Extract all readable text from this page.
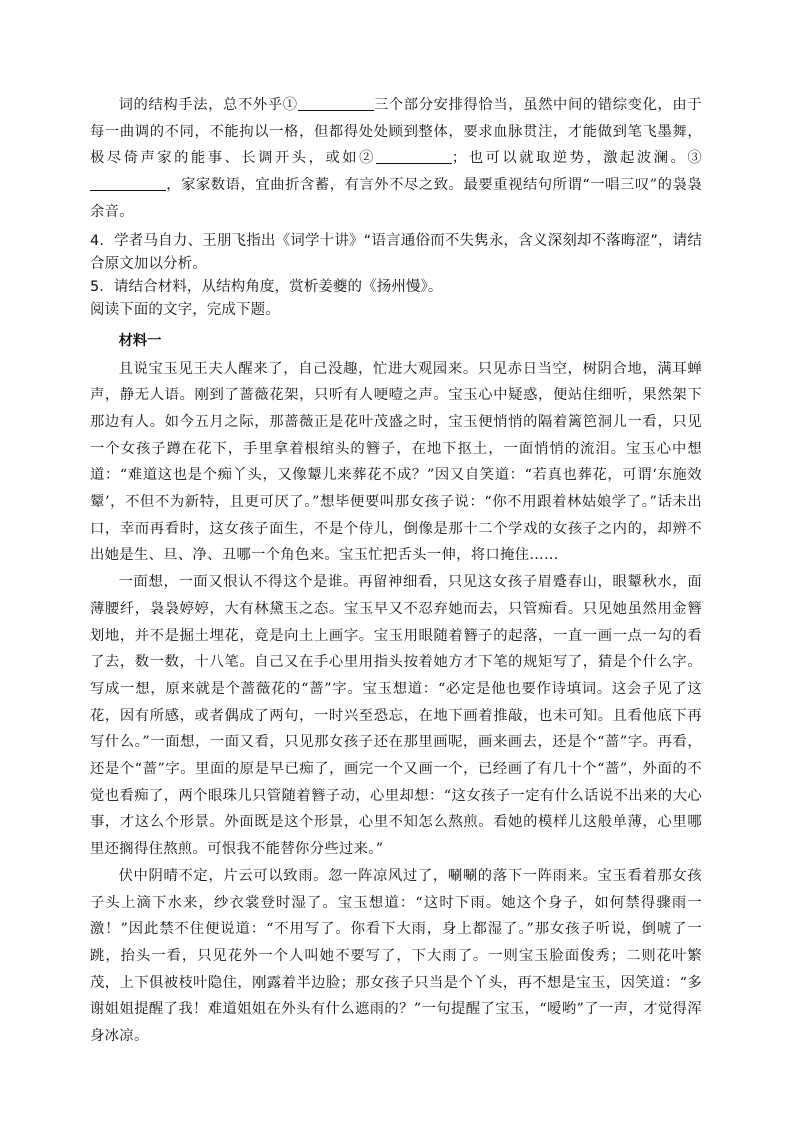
词的结构手法，总不外乎①	三个部分安排得恰当，虽然中间的错综变化，由于每一曲调的不同，不能拘以一格，但都得处处顾到整体，要求血脉贯注，才能做到笔飞墨舞，极尽倚声家的能事、长调开头，或如②	；也可以就取逆势，激起波澜。③，家家数语，宜曲折含蓄，有言外不尽之致。最要重视结句所谓“一唱三叹”的袅袅余音。

4．学者马自力、王朋飞指出《词学十讲》“语言通俗而不失隽永，含义深刻却不落晦涩”，请结合原文加以分析。

5．请结合材料，从结构角度，赏析姜夔的《扬州慢》。

阅读下面的文字，完成下题。

材料一

且说宝玉见王夫人醒来了，自己没趣，忙进大观园来。只见赤日当空，树阴合地，满耳蝉声，静无人语。刚到了蔷薇花架，只听有人哽噎之声。宝玉心中疑惑，便站住细听，果然架下那边有人。如今五月之际，那蔷薇正是花叶茂盛之时，宝玉便悄悄的隔着篱笆洞儿一看，只见一个女孩子蹲在花下，手里拿着根绾头的簪子，在地下抠土，一面悄悄的流泪。宝玉心中想道：“难道这也是个痴丫头，又像颦儿来葬花不成？”因又自笑道：“若真也葬花，可谓‘东施效颦’，不但不为新特，且更可厌了。”想毕便要叫那女孩子说：“你不用跟着林姑娘学了。”话未出口，幸而再看时，这女孩子面生，不是个侍儿，倒像是那十二个学戏的女孩子之内的，却辨不出她是生、旦、净、丑哪一个角色来。宝玉忙把舌头一伸，将口掩住……

一面想，一面又恨认不得这个是谁。再留神细看，只见这女孩子眉蹙春山，眼颦秋水，面薄腰纤，袅袅婷婷，大有林黛玉之态。宝玉早又不忍弃她而去，只管痴看。只见她虽然用金簪划地，并不是掘土埋花，竟是向土上画字。宝玉用眼随着簪子的起落，一直一画一点一勾的看了去，数一数，十八笔。自己又在手心里用指头按着她方才下笔的规矩写了，猜是个什么字。写成一想，原来就是个蔷薇花的“蔷”字。宝玉想道：“必定是他也要作诗填词。这会子见了这花，因有所感，或者偶成了两句，一时兴至恐忘，在地下画着推敲，也未可知。且看他底下再写什么。”一面想，一面又看，只见那女孩子还在那里画呢，画来画去，还是个“蔷”字。再看，还是个“蔷”字。里面的原是早已痴了，画完一个又画一个，已经画了有几十个“蔷”，外面的不觉也看痴了，两个眼珠儿只管随着簪子动，心里却想：“这女孩子一定有什么话说不出来的大心事，才这么个形景。外面既是这个形景，心里不知怎么熬煎。看她的模样儿这般单薄，心里哪里还搁得住熬煎。可恨我不能替你分些过来。”

伏中阴晴不定，片云可以致雨。忽一阵凉风过了，唰唰的落下一阵雨来。宝玉看着那女孩子头上滴下水来，纱衣裳登时湿了。宝玉想道：“这时下雨。她这个身子，如何禁得骤雨一激！”因此禁不住便说道：“不用写了。你看下大雨，身上都湿了。”那女孩子听说，倒唬了一跳，抬头一看，只见花外一个人叫她不要写了，下大雨了。一则宝玉脸面俊秀；二则花叶繁茂，上下俱被枝叶隐住，刚露着半边脸；那女孩子只当是个丫头，再不想是宝玉，因笑道：“多谢姐姐提醒了我！难道姐姐在外头有什么遮雨的？”一句提醒了宝玉，“嗳哟”了一声，才觉得浑身冰凉。
